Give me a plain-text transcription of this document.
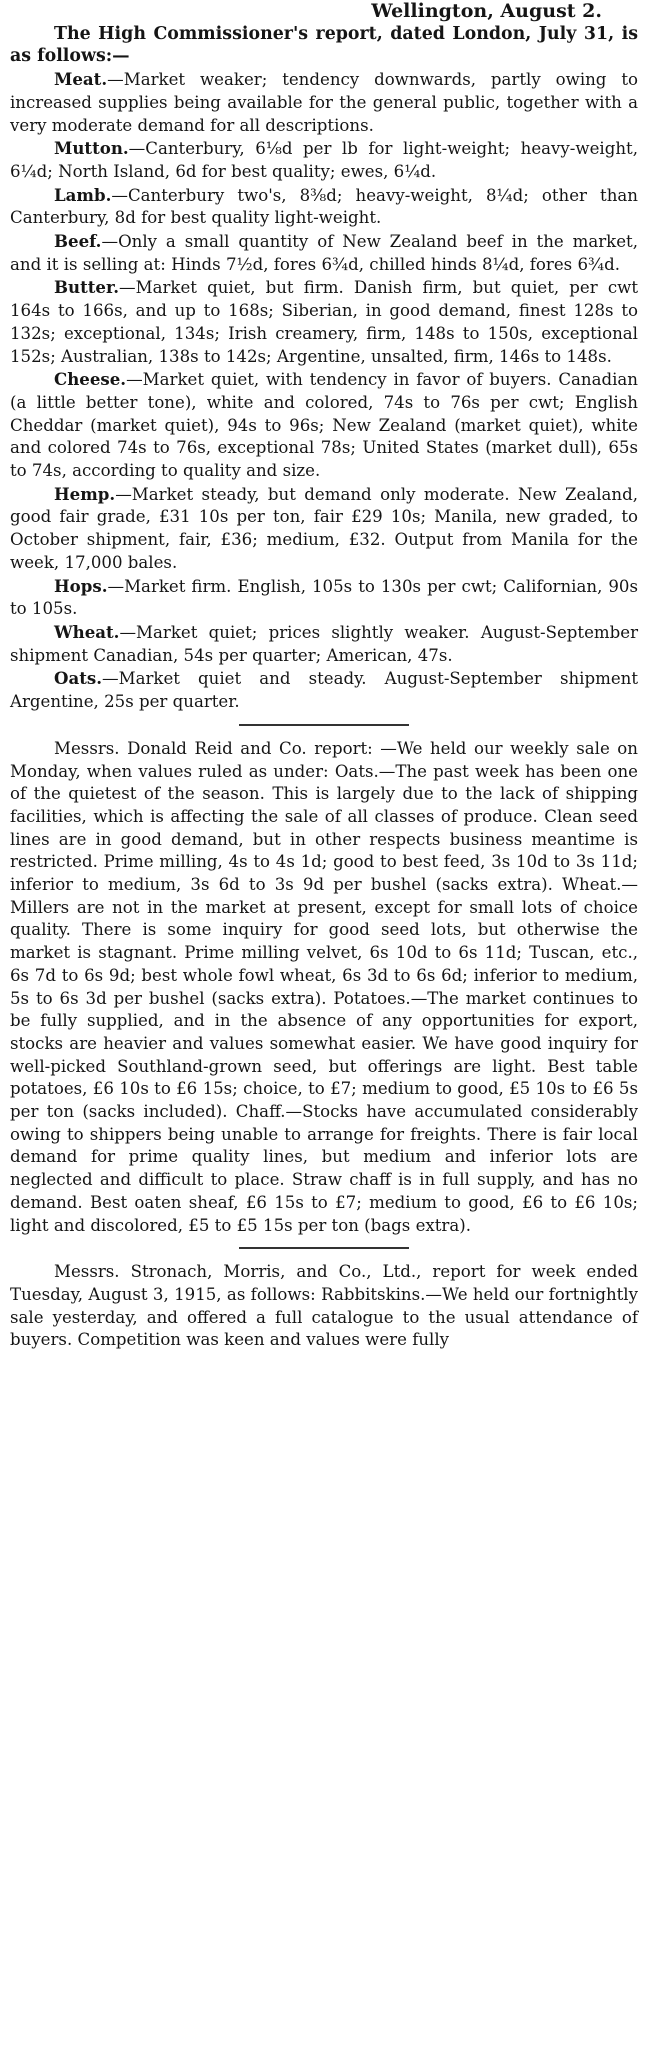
Wellington, August 2.

The High Commissioner's report, dated London, July 31, is as follows:—

Meat.—Market weaker; tendency downwards, partly owing to increased supplies being available for the general public, together with a very moderate demand for all descriptions.

Mutton.—Canterbury, 6⅛d per lb for light-weight; heavy-weight, 6¼d; North Island, 6d for best quality; ewes, 6¼d.

Lamb.—Canterbury two's, 8⅜d; heavy-weight, 8¼d; other than Canterbury, 8d for best quality light-weight.

Beef.—Only a small quantity of New Zealand beef in the market, and it is selling at: Hinds 7½d, fores 6¾d, chilled hinds 8¼d, fores 6¾d.

Butter.—Market quiet, but firm. Danish firm, but quiet, per cwt 164s to 166s, and up to 168s; Siberian, in good demand, finest 128s to 132s; exceptional, 134s; Irish creamery, firm, 148s to 150s, exceptional 152s; Australian, 138s to 142s; Argentine, unsalted, firm, 146s to 148s.

Cheese.—Market quiet, with tendency in favor of buyers. Canadian (a little better tone), white and colored, 74s to 76s per cwt; English Cheddar (market quiet), 94s to 96s; New Zealand (market quiet), white and colored 74s to 76s, exceptional 78s; United States (market dull), 65s to 74s, according to quality and size.

Hemp.—Market steady, but demand only moderate. New Zealand, good fair grade, £31 10s per ton, fair £29 10s; Manila, new graded, to October shipment, fair, £36; medium, £32. Output from Manila for the week, 17,000 bales.

Hops.—Market firm. English, 105s to 130s per cwt; Californian, 90s to 105s.

Wheat.—Market quiet; prices slightly weaker. August-September shipment Canadian, 54s per quarter; American, 47s.

Oats.—Market quiet and steady. August-September shipment Argentine, 25s per quarter.

Messrs. Donald Reid and Co. report: —We held our weekly sale on Monday, when values ruled as under: Oats.—The past week has been one of the quietest of the season. This is largely due to the lack of shipping facilities, which is affecting the sale of all classes of produce. Clean seed lines are in good demand, but in other respects business meantime is restricted. Prime milling, 4s to 4s 1d; good to best feed, 3s 10d to 3s 11d; inferior to medium, 3s 6d to 3s 9d per bushel (sacks extra). Wheat.—Millers are not in the market at present, except for small lots of choice quality. There is some inquiry for good seed lots, but otherwise the market is stagnant. Prime milling velvet, 6s 10d to 6s 11d; Tuscan, etc., 6s 7d to 6s 9d; best whole fowl wheat, 6s 3d to 6s 6d; inferior to medium, 5s to 6s 3d per bushel (sacks extra). Potatoes.—The market continues to be fully supplied, and in the absence of any opportunities for export, stocks are heavier and values somewhat easier. We have good inquiry for well-picked Southland-grown seed, but offerings are light. Best table potatoes, £6 10s to £6 15s; choice, to £7; medium to good, £5 10s to £6 5s per ton (sacks included). Chaff.—Stocks have accumulated considerably owing to shippers being unable to arrange for freights. There is fair local demand for prime quality lines, but medium and inferior lots are neglected and difficult to place. Straw chaff is in full supply, and has no demand. Best oaten sheaf, £6 15s to £7; medium to good, £6 to £6 10s; light and discolored, £5 to £5 15s per ton (bags extra).

Messrs. Stronach, Morris, and Co., Ltd., report for week ended Tuesday, August 3, 1915, as follows: Rabbitskins.—We held our fortnightly sale yesterday, and offered a full catalogue to the usual attendance of buyers. Competition was keen and values were fully
